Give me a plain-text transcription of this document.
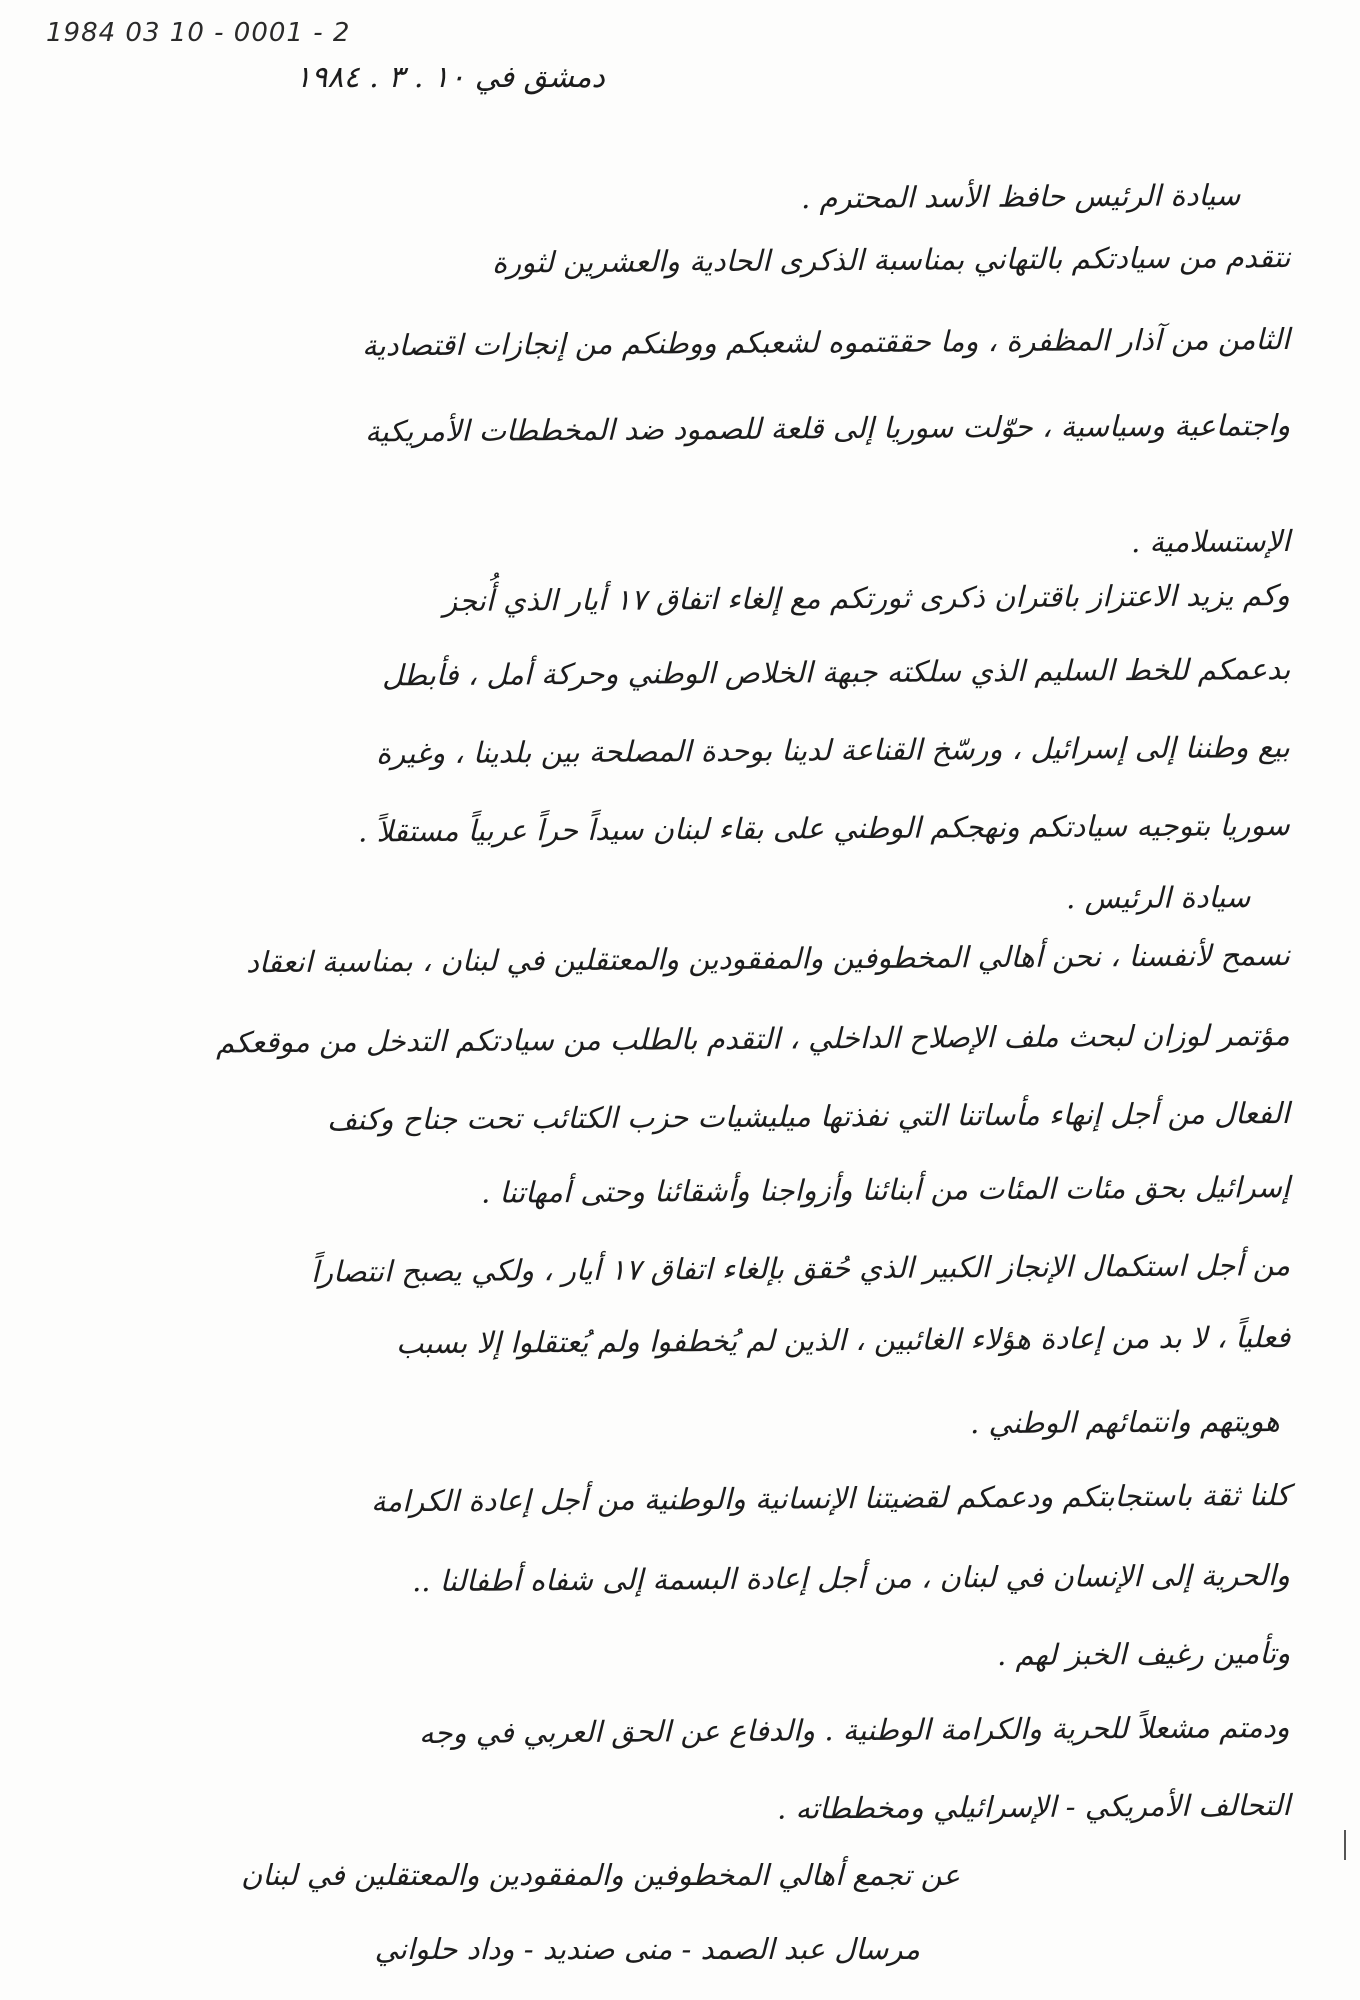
1984 03 10 - 0001 - 2
دمشق في ١٠ . ٣ . ١٩٨٤
سيادة الرئيس حافظ الأسد المحترم .
نتقدم من سيادتكم بالتهاني بمناسبة الذكرى الحادية والعشرين لثورة
الثامن من آذار المظفرة ، وما حققتموه لشعبكم ووطنكم من إنجازات اقتصادية
واجتماعية وسياسية ، حوّلت سوريا إلى قلعة للصمود ضد المخططات الأمريكية
الإستسلامية .
وكم يزيد الاعتزاز باقتران ذكرى ثورتكم مع إلغاء اتفاق ١٧ أيار الذي أُنجز
بدعمكم للخط السليم الذي سلكته جبهة الخلاص الوطني وحركة أمل ، فأبطل
بيع وطننا إلى إسرائيل ، ورسّخ القناعة لدينا بوحدة المصلحة بين بلدينا ، وغيرة
سوريا بتوجيه سيادتكم ونهجكم الوطني على بقاء لبنان سيداً حراً عربياً مستقلاً .
سيادة الرئيس .
نسمح لأنفسنا ، نحن أهالي المخطوفين والمفقودين والمعتقلين في لبنان ، بمناسبة انعقاد
مؤتمر لوزان لبحث ملف الإصلاح الداخلي ، التقدم بالطلب من سيادتكم التدخل من موقعكم
الفعال من أجل إنهاء مأساتنا التي نفذتها ميليشيات حزب الكتائب تحت جناح وكنف
إسرائيل بحق مئات المئات من أبنائنا وأزواجنا وأشقائنا وحتى أمهاتنا .
من أجل استكمال الإنجاز الكبير الذي حُقق بإلغاء اتفاق ١٧ أيار ، ولكي يصبح انتصاراً
فعلياً ، لا بد من إعادة هؤلاء الغائبين ، الذين لم يُخطفوا ولم يُعتقلوا إلا بسبب
هويتهم وانتمائهم الوطني .
كلنا ثقة باستجابتكم ودعمكم لقضيتنا الإنسانية والوطنية من أجل إعادة الكرامة
والحرية إلى الإنسان في لبنان ، من أجل إعادة البسمة إلى شفاه أطفالنا ..
وتأمين رغيف الخبز لهم .
ودمتم مشعلاً للحرية والكرامة الوطنية . والدفاع عن الحق العربي في وجه
التحالف الأمريكي - الإسرائيلي ومخططاته .
عن تجمع أهالي المخطوفين والمفقودين والمعتقلين في لبنان
مرسال عبد الصمد - منى صنديد - وداد حلواني
